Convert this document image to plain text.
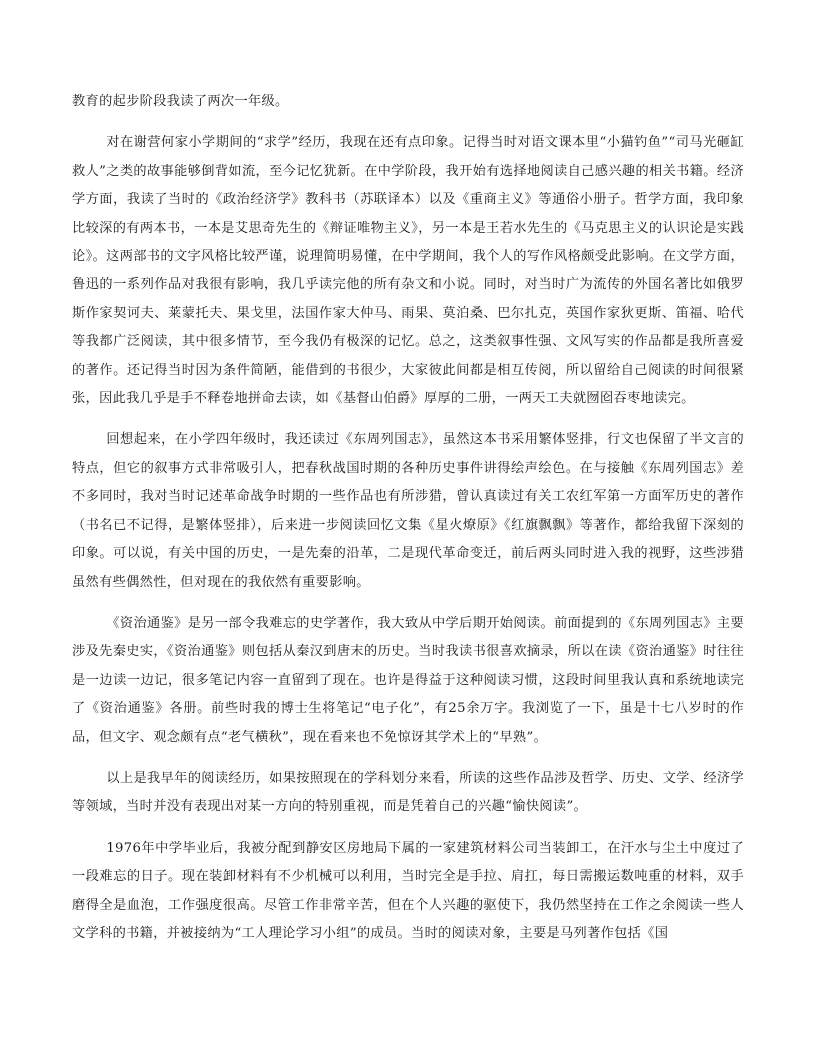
教育的起步阶段我读了两次一年级。

对在谢营何家小学期间的“求学”经历，我现在还有点印象。记得当时对语文课本里“小猫钓鱼”“司马光砸缸救人”之类的故事能够倒背如流，至今记忆犹新。在中学阶段，我开始有选择地阅读自己感兴趣的相关书籍。经济学方面，我读了当时的《政治经济学》教科书（苏联译本）以及《重商主义》等通俗小册子。哲学方面，我印象比较深的有两本书，一本是艾思奇先生的《辩证唯物主义》，另一本是王若水先生的《马克思主义的认识论是实践论》。这两部书的文字风格比较严谨，说理简明易懂，在中学期间，我个人的写作风格颇受此影响。在文学方面，鲁迅的一系列作品对我很有影响，我几乎读完他的所有杂文和小说。同时，对当时广为流传的外国名著比如俄罗斯作家契诃夫、莱蒙托夫、果戈里，法国作家大仲马、雨果、莫泊桑、巴尔扎克，英国作家狄更斯、笛福、哈代等我都广泛阅读，其中很多情节，至今我仍有极深的记忆。总之，这类叙事性强、文风写实的作品都是我所喜爱的著作。还记得当时因为条件简陋，能借到的书很少，大家彼此间都是相互传阅，所以留给自己阅读的时间很紧张，因此我几乎是手不释卷地拼命去读，如《基督山伯爵》厚厚的二册，一两天工夫就囫囵吞枣地读完。

回想起来，在小学四年级时，我还读过《东周列国志》，虽然这本书采用繁体竖排，行文也保留了半文言的特点，但它的叙事方式非常吸引人，把春秋战国时期的各种历史事件讲得绘声绘色。在与接触《东周列国志》差不多同时，我对当时记述革命战争时期的一些作品也有所涉猎，曾认真读过有关工农红军第一方面军历史的著作（书名已不记得，是繁体竖排），后来进一步阅读回忆文集《星火燎原》《红旗飘飘》等著作，都给我留下深刻的印象。可以说，有关中国的历史，一是先秦的沿革，二是现代革命变迁，前后两头同时进入我的视野，这些涉猎虽然有些偶然性，但对现在的我依然有重要影响。

《资治通鉴》是另一部令我难忘的史学著作，我大致从中学后期开始阅读。前面提到的《东周列国志》主要涉及先秦史实，《资治通鉴》则包括从秦汉到唐末的历史。当时我读书很喜欢摘录，所以在读《资治通鉴》时往往是一边读一边记，很多笔记内容一直留到了现在。也许是得益于这种阅读习惯，这段时间里我认真和系统地读完了《资治通鉴》各册。前些时我的博士生将笔记“电子化”，有25余万字。我浏览了一下，虽是十七八岁时的作品，但文字、观念颇有点“老气横秋”，现在看来也不免惊讶其学术上的“早熟”。

以上是我早年的阅读经历，如果按照现在的学科划分来看，所读的这些作品涉及哲学、历史、文学、经济学等领域，当时并没有表现出对某一方向的特别重视，而是凭着自己的兴趣“愉快阅读”。

1976年中学毕业后，我被分配到静安区房地局下属的一家建筑材料公司当装卸工，在汗水与尘土中度过了一段难忘的日子。现在装卸材料有不少机械可以利用，当时完全是手拉、肩扛，每日需搬运数吨重的材料，双手磨得全是血泡，工作强度很高。尽管工作非常辛苦，但在个人兴趣的驱使下，我仍然坚持在工作之余阅读一些人文学科的书籍，并被接纳为“工人理论学习小组”的成员。当时的阅读对象，主要是马列著作包括《国
